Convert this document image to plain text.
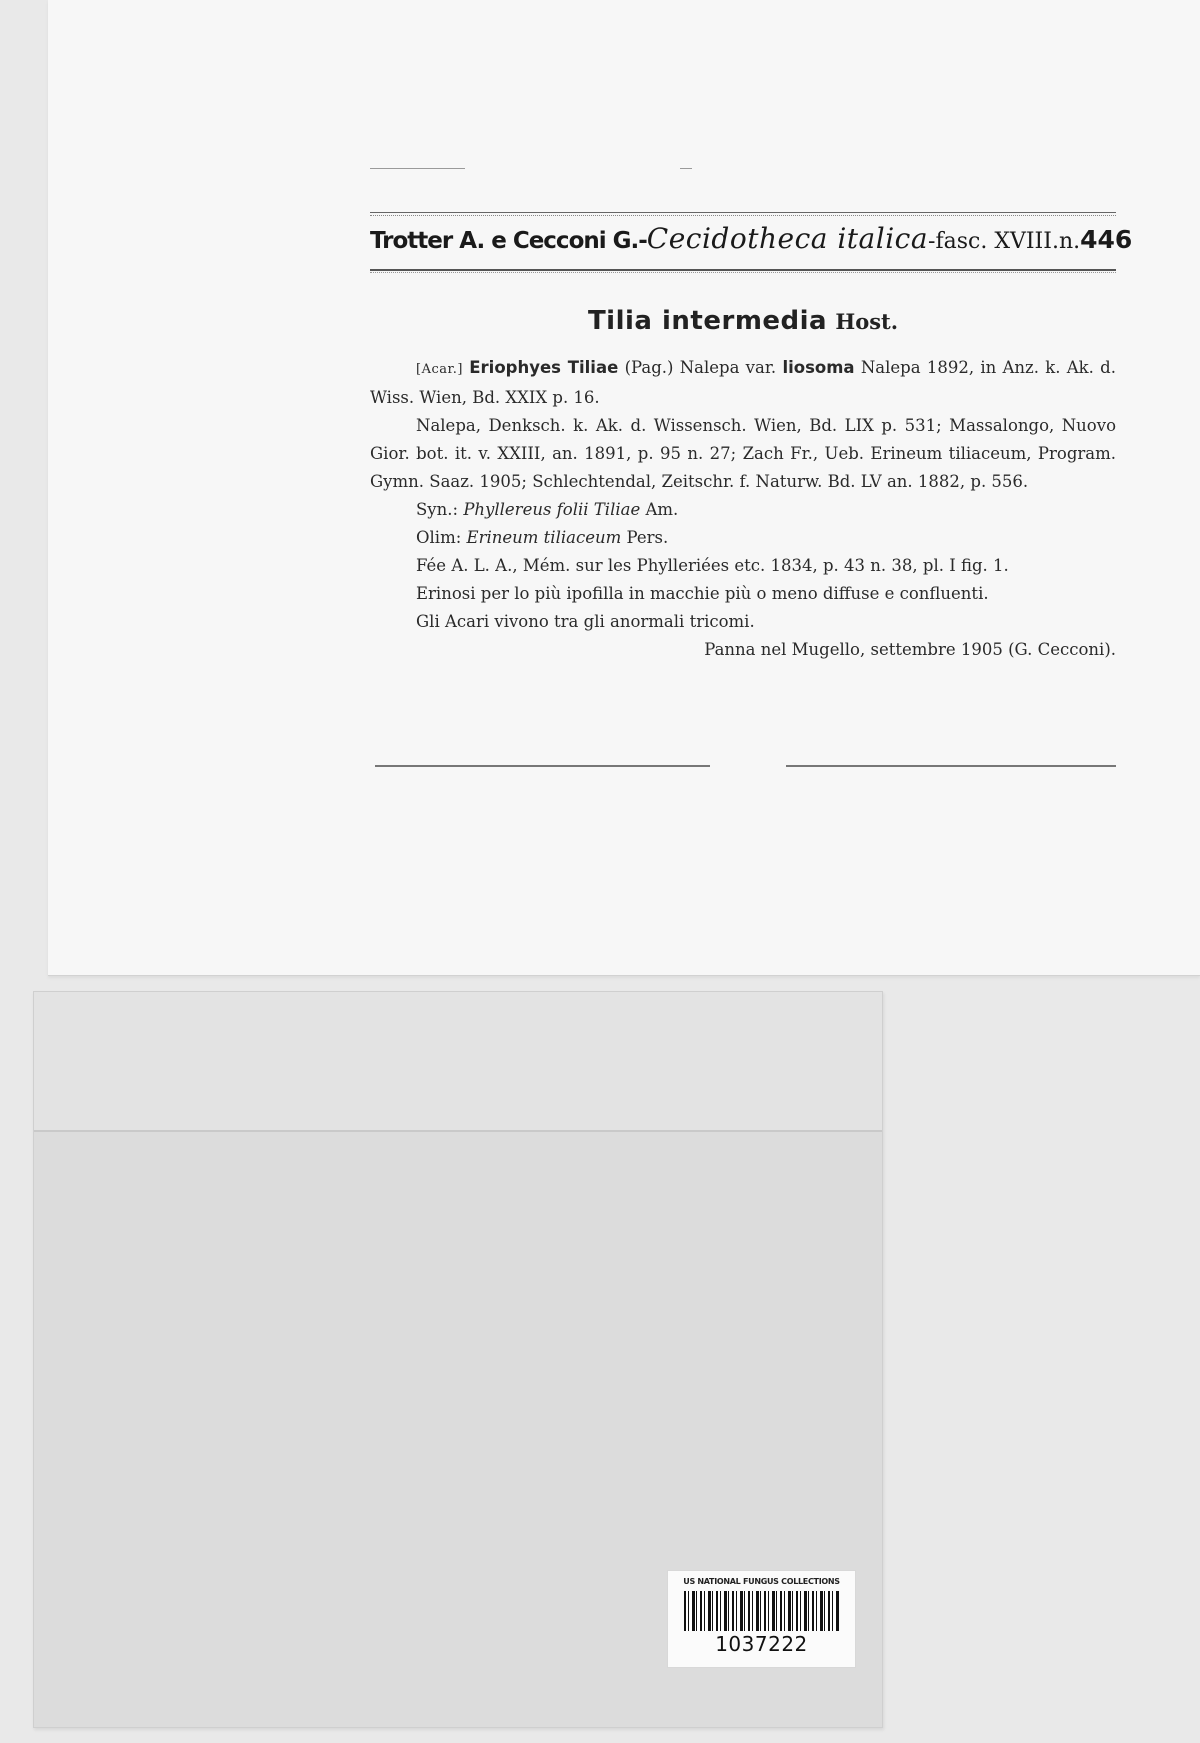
Trotter A. e Cecconi G.-Cecidotheca italica-fasc. XVIII. n.446
Tilia intermedia Host.

[Acar.] Eriophyes Tiliae (Pag.) Nalepa var. liosoma Nalepa 1892, in Anz. k. Ak. d. Wiss. Wien, Bd. XXIX p. 16.

Nalepa, Denksch. k. Ak. d. Wissensch. Wien, Bd. LIX p. 531; Massalongo, Nuovo Gior. bot. it. v. XXIII, an. 1891, p. 95 n. 27; Zach Fr., Ueb. Erineum tiliaceum, Program. Gymn. Saaz. 1905; Schlechtendal, Zeitschr. f. Naturw. Bd. LV an. 1882, p. 556.

Syn.: Phyllereus folii Tiliae Am.

Olim: Erineum tiliaceum Pers.

Fée A. L. A., Mém. sur les Phylleriées etc. 1834, p. 43 n. 38, pl. I fig. 1.

Erinosi per lo più ipofilla in macchie più o meno diffuse e confluenti.

Gli Acari vivono tra gli anormali tricomi.

Panna nel Mugello, settembre 1905 (G. Cecconi).

US NATIONAL FUNGUS COLLECTIONS
1037222
